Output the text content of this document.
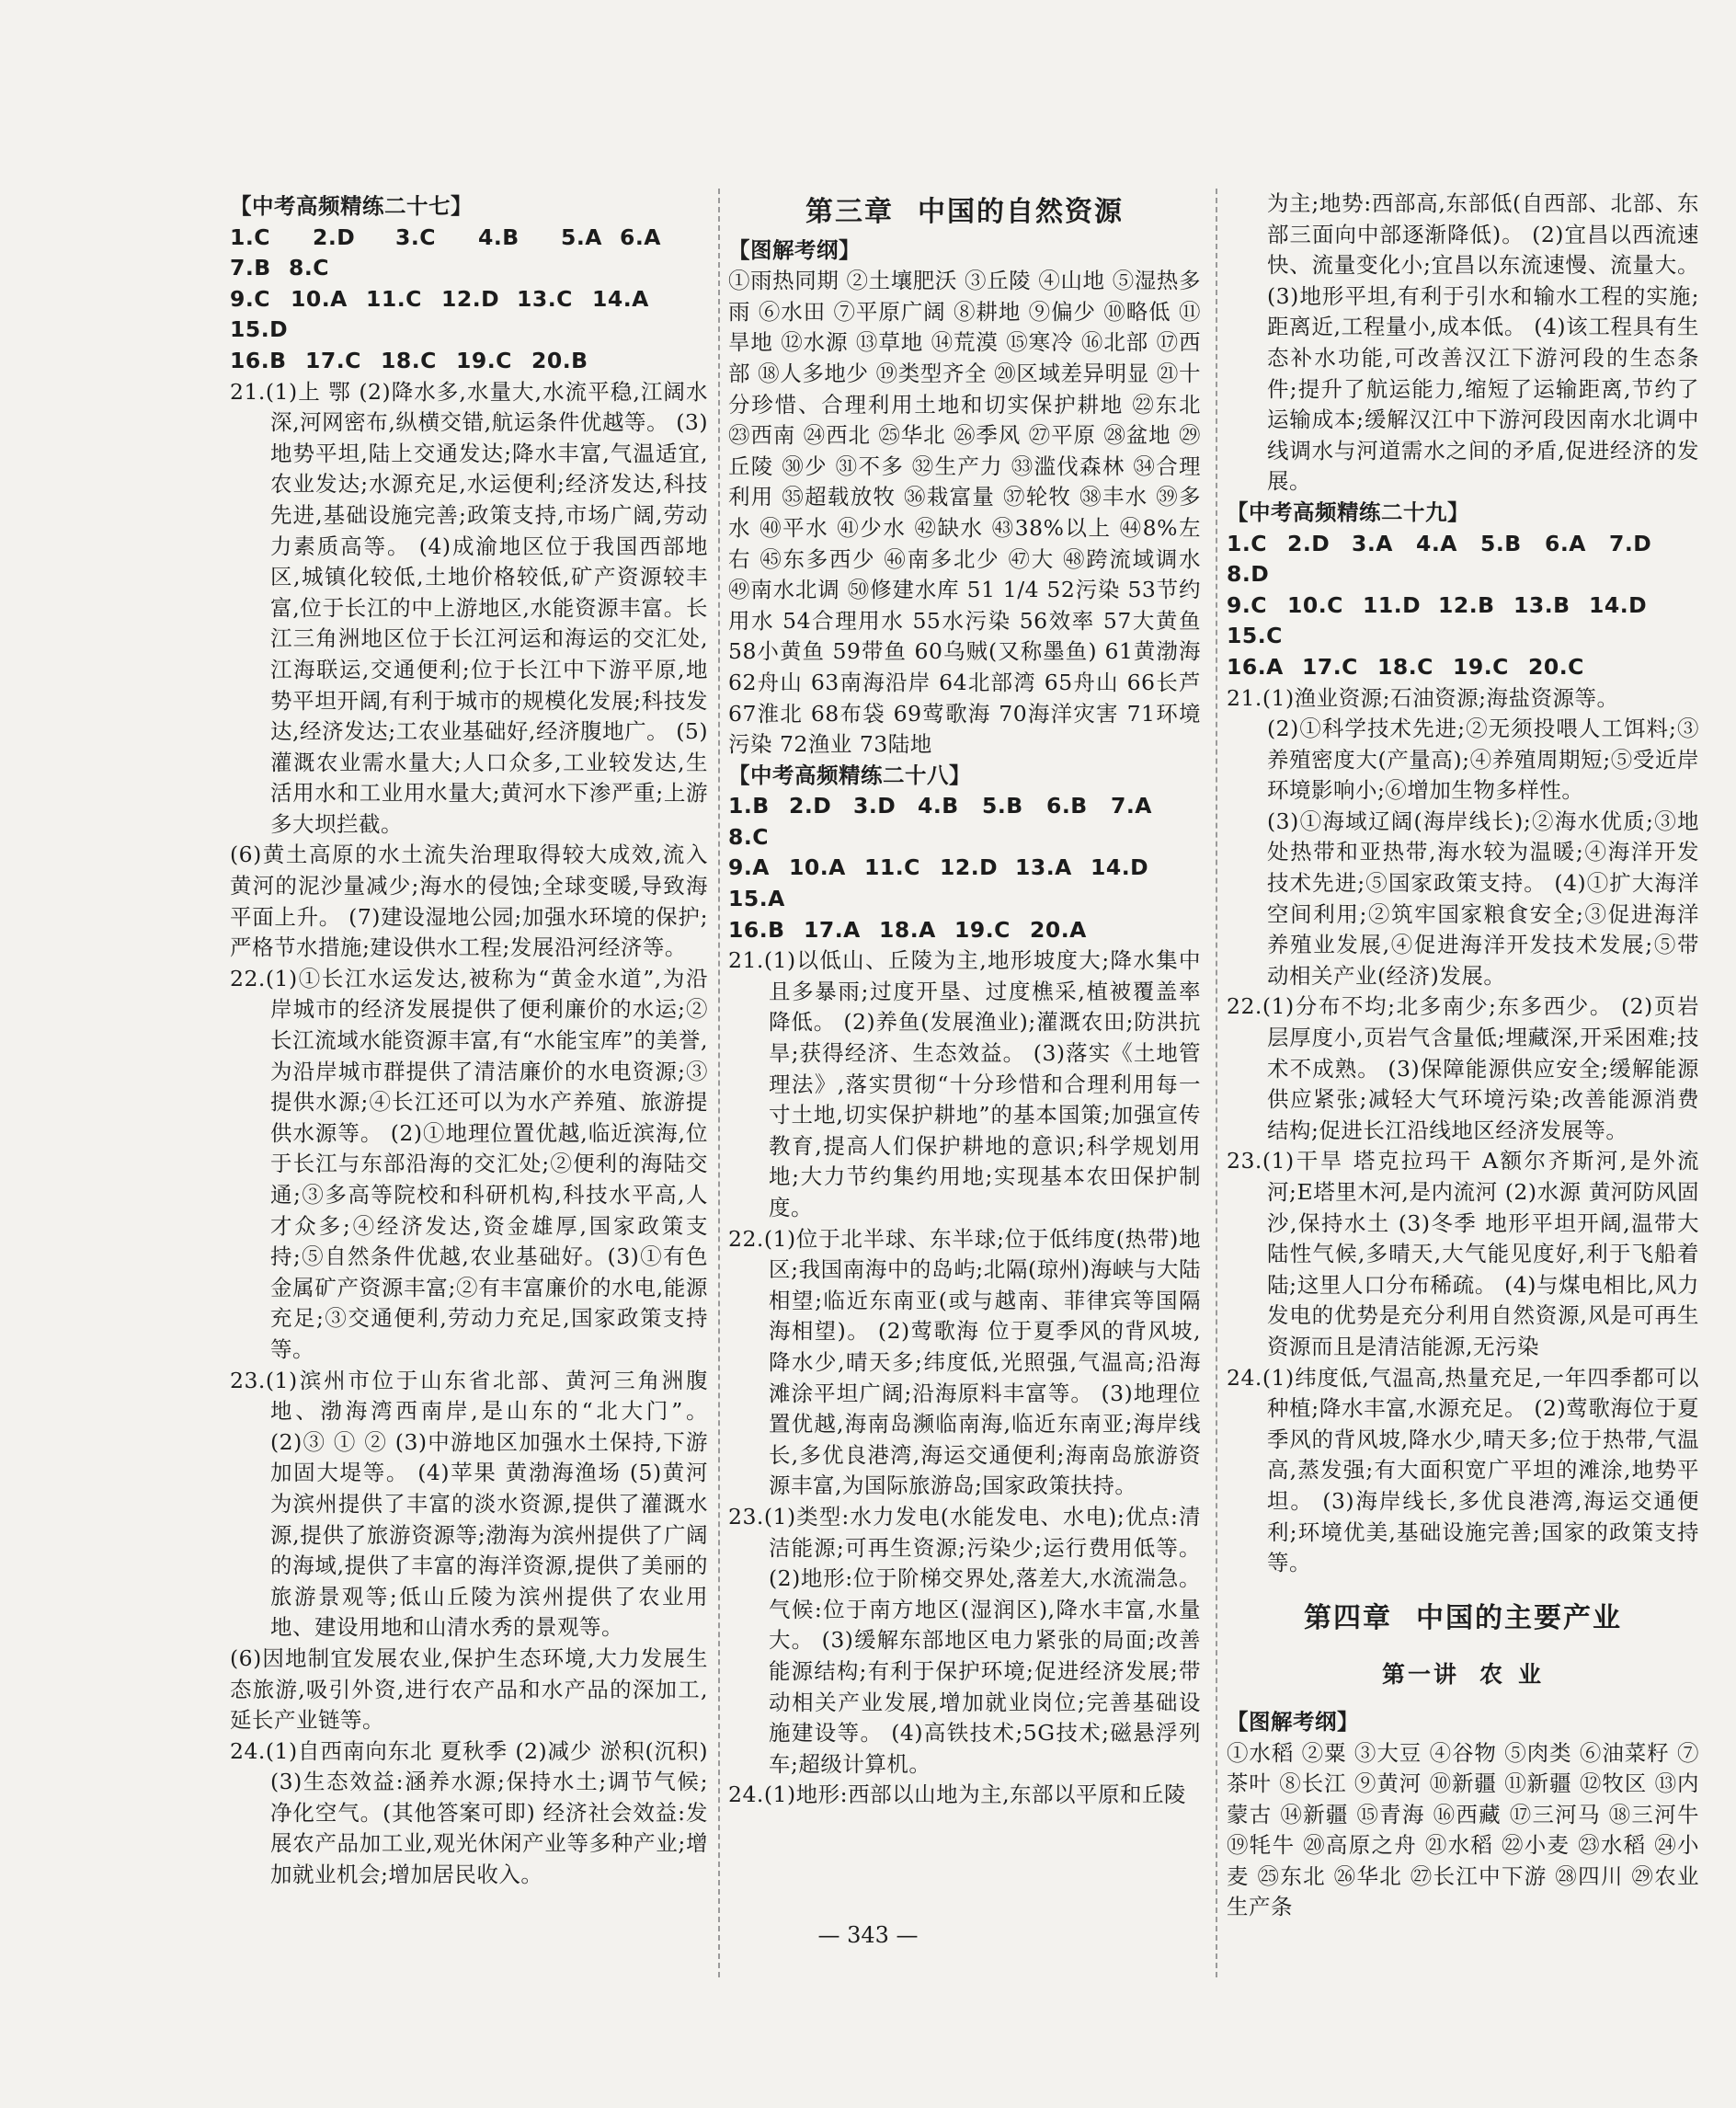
【中考高频精练二十七】

1.C 2.D 3.C 4.B 5.A 6.A7.B 8.C

9.C 10.A 11.C 12.D 13.C 14.A15.D

16.B 17.C 18.C 19.C 20.B

21.(1)上 鄂 (2)降水多,水量大,水流平稳,江阔水深,河网密布,纵横交错,航运条件优越等。 (3)地势平坦,陆上交通发达;降水丰富,气温适宜,农业发达;水源充足,水运便利;经济发达,科技先进,基础设施完善;政策支持,市场广阔,劳动力素质高等。 (4)成渝地区位于我国西部地区,城镇化较低,土地价格较低,矿产资源较丰富,位于长江的中上游地区,水能资源丰富。长江三角洲地区位于长江河运和海运的交汇处,江海联运,交通便利;位于长江中下游平原,地势平坦开阔,有利于城市的规模化发展;科技发达,经济发达;工农业基础好,经济腹地广。 (5)灌溉农业需水量大;人口众多,工业较发达,生活用水和工业用水量大;黄河水下渗严重;上游多大坝拦截。

(6)黄土高原的水土流失治理取得较大成效,流入黄河的泥沙量减少;海水的侵蚀;全球变暖,导致海平面上升。 (7)建设湿地公园;加强水环境的保护;严格节水措施;建设供水工程;发展沿河经济等。

22.(1)①长江水运发达,被称为“黄金水道”,为沿岸城市的经济发展提供了便利廉价的水运;②长江流域水能资源丰富,有“水能宝库”的美誉,为沿岸城市群提供了清洁廉价的水电资源;③提供水源;④长江还可以为水产养殖、旅游提供水源等。 (2)①地理位置优越,临近滨海,位于长江与东部沿海的交汇处;②便利的海陆交通;③多高等院校和科研机构,科技水平高,人才众多;④经济发达,资金雄厚,国家政策支持;⑤自然条件优越,农业基础好。(3)①有色金属矿产资源丰富;②有丰富廉价的水电,能源充足;③交通便利,劳动力充足,国家政策支持等。

23.(1)滨州市位于山东省北部、黄河三角洲腹地、渤海湾西南岸,是山东的“北大门”。 (2)③ ① ② (3)中游地区加强水土保持,下游加固大堤等。 (4)苹果 黄渤海渔场 (5)黄河为滨州提供了丰富的淡水资源,提供了灌溉水源,提供了旅游资源等;渤海为滨州提供了广阔的海域,提供了丰富的海洋资源,提供了美丽的旅游景观等;低山丘陵为滨州提供了农业用地、建设用地和山清水秀的景观等。

(6)因地制宜发展农业,保护生态环境,大力发展生态旅游,吸引外资,进行农产品和水产品的深加工,延长产业链等。

24.(1)自西南向东北 夏秋季 (2)减少 淤积(沉积) (3)生态效益:涵养水源;保持水土;调节气候;净化空气。(其他答案可即) 经济社会效益:发展农产品加工业,观光休闲产业等多种产业;增加就业机会;增加居民收入。

第三章 中国的自然资源

【图解考纲】

①雨热同期 ②土壤肥沃 ③丘陵 ④山地 ⑤湿热多雨 ⑥水田 ⑦平原广阔 ⑧耕地 ⑨偏少 ⑩略低 ⑪旱地 ⑫水源 ⑬草地 ⑭荒漠 ⑮寒冷 ⑯北部 ⑰西部 ⑱人多地少 ⑲类型齐全 ⑳区域差异明显 ㉑十分珍惜、合理利用土地和切实保护耕地 ㉒东北 ㉓西南 ㉔西北 ㉕华北 ㉖季风 ㉗平原 ㉘盆地 ㉙丘陵 ㉚少 ㉛不多 ㉜生产力 ㉝滥伐森林 ㉞合理利用 ㉟超载放牧 ㊱栽富量 ㊲轮牧 ㊳丰水 ㊴多水 ㊵平水 ㊶少水 ㊷缺水 ㊸38%以上 ㊹8%左右 ㊺东多西少 ㊻南多北少 ㊼大 ㊽跨流域调水 ㊾南水北调 ㊿修建水库 51 1/4 52污染 53节约用水 54合理用水 55水污染 56效率 57大黄鱼 58小黄鱼 59带鱼 60乌贼(又称墨鱼) 61黄渤海 62舟山 63南海沿岸 64北部湾 65舟山 66长芦 67淮北 68布袋 69莺歌海 70海洋灾害 71环境污染 72渔业 73陆地

【中考高频精练二十八】

1.B 2.D 3.D 4.B 5.B 6.B 7.A8.C

9.A 10.A 11.C 12.D 13.A 14.D15.A

16.B 17.A 18.A 19.C 20.A

21.(1)以低山、丘陵为主,地形坡度大;降水集中且多暴雨;过度开垦、过度樵采,植被覆盖率降低。 (2)养鱼(发展渔业);灌溉农田;防洪抗旱;获得经济、生态效益。 (3)落实《土地管理法》,落实贯彻“十分珍惜和合理利用每一寸土地,切实保护耕地”的基本国策;加强宣传教育,提高人们保护耕地的意识;科学规划用地;大力节约集约用地;实现基本农田保护制度。

22.(1)位于北半球、东半球;位于低纬度(热带)地区;我国南海中的岛屿;北隔(琼州)海峡与大陆相望;临近东南亚(或与越南、菲律宾等国隔海相望)。 (2)莺歌海 位于夏季风的背风坡,降水少,晴天多;纬度低,光照强,气温高;沿海滩涂平坦广阔;沿海原料丰富等。 (3)地理位置优越,海南岛濒临南海,临近东南亚;海岸线长,多优良港湾,海运交通便利;海南岛旅游资源丰富,为国际旅游岛;国家政策扶持。

23.(1)类型:水力发电(水能发电、水电);优点:清洁能源;可再生资源;污染少;运行费用低等。 (2)地形:位于阶梯交界处,落差大,水流湍急。气候:位于南方地区(湿润区),降水丰富,水量大。 (3)缓解东部地区电力紧张的局面;改善能源结构;有利于保护环境;促进经济发展;带动相关产业发展,增加就业岗位;完善基础设施建设等。 (4)高铁技术;5G技术;磁悬浮列车;超级计算机。

24.(1)地形:西部以山地为主,东部以平原和丘陵

为主;地势:西部高,东部低(自西部、北部、东部三面向中部逐渐降低)。 (2)宜昌以西流速快、流量变化小;宜昌以东流速慢、流量大。 (3)地形平坦,有利于引水和输水工程的实施;距离近,工程量小,成本低。 (4)该工程具有生态补水功能,可改善汉江下游河段的生态条件;提升了航运能力,缩短了运输距离,节约了运输成本;缓解汉江中下游河段因南水北调中线调水与河道需水之间的矛盾,促进经济的发展。

【中考高频精练二十九】

1.C 2.D 3.A 4.A 5.B 6.A 7.D8.D

9.C 10.C 11.D 12.B 13.B 14.D15.C

16.A 17.C 18.C 19.C 20.C

21.(1)渔业资源;石油资源;海盐资源等。

(2)①科学技术先进;②无须投喂人工饵料;③养殖密度大(产量高);④养殖周期短;⑤受近岸环境影响小;⑥增加生物多样性。

(3)①海域辽阔(海岸线长);②海水优质;③地处热带和亚热带,海水较为温暖;④海洋开发技术先进;⑤国家政策支持。 (4)①扩大海洋空间利用;②筑牢国家粮食安全;③促进海洋养殖业发展,④促进海洋开发技术发展;⑤带动相关产业(经济)发展。

22.(1)分布不均;北多南少;东多西少。 (2)页岩层厚度小,页岩气含量低;埋藏深,开采困难;技术不成熟。 (3)保障能源供应安全;缓解能源供应紧张;减轻大气环境污染;改善能源消费结构;促进长江沿线地区经济发展等。

23.(1)干旱 塔克拉玛干 A额尔齐斯河,是外流河;E塔里木河,是内流河 (2)水源 黄河防风固沙,保持水土 (3)冬季 地形平坦开阔,温带大陆性气候,多晴天,大气能见度好,利于飞船着陆;这里人口分布稀疏。 (4)与煤电相比,风力发电的优势是充分利用自然资源,风是可再生资源而且是清洁能源,无污染

24.(1)纬度低,气温高,热量充足,一年四季都可以种植;降水丰富,水源充足。 (2)莺歌海位于夏季风的背风坡,降水少,晴天多;位于热带,气温高,蒸发强;有大面积宽广平坦的滩涂,地势平坦。 (3)海岸线长,多优良港湾,海运交通便利;环境优美,基础设施完善;国家的政策支持等。

第四章 中国的主要产业

第一讲 农 业

【图解考纲】

①水稻 ②粟 ③大豆 ④谷物 ⑤肉类 ⑥油菜籽 ⑦茶叶 ⑧长江 ⑨黄河 ⑩新疆 ⑪新疆 ⑫牧区 ⑬内蒙古 ⑭新疆 ⑮青海 ⑯西藏 ⑰三河马 ⑱三河牛 ⑲牦牛 ⑳高原之舟 ㉑水稻 ㉒小麦 ㉓水稻 ㉔小麦 ㉕东北 ㉖华北 ㉗长江中下游 ㉘四川 ㉙农业生产条

— 343 —
